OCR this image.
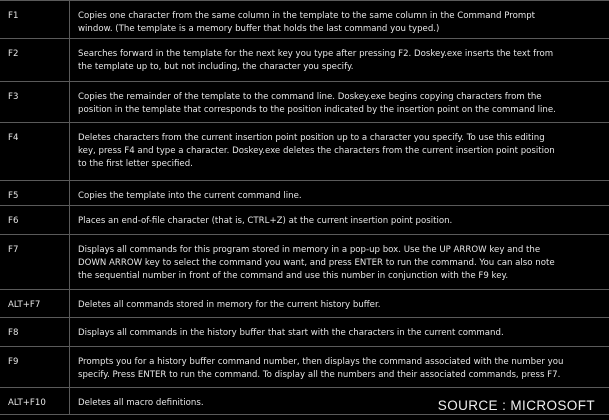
F1	Copies one character from the same column in the template to the same column in the Command Prompt

window. (The template is a memory buffer that holds the last command you typed.)

F2	Searches forward in the template for the next key you type after pressing F2. Doskey.exe inserts the text from

the template up to, but not including, the character you specify.

F3	Copies the remainder of the template to the command line. Doskey.exe begins copying characters from the

position in the template that corresponds to the position indicated by the insertion point on the command line.

F4	Deletes characters from the current insertion point position up to a character you specify. To use this editing

key, press F4 and type a character. Doskey.exe deletes the characters from the current insertion point position

to the first letter specified.

F5	Copies the template into the current command line.

F6	Places an end-of-file character (that is, CTRL+Z) at the current insertion point position.

F7	Displays all commands for this program stored in memory in a pop-up box. Use the UP ARROW key and the

DOWN ARROW key to select the command you want, and press ENTER to run the command. You can also note

the sequential number in front of the command and use this number in conjunction with the F9 key.

ALT+F7	Deletes all commands stored in memory for the current history buffer.

F8	Displays all commands in the history buffer that start with the characters in the current command.

F9	Prompts you for a history buffer command number, then displays the command associated with the number you

specify. Press ENTER to run the command. To display all the numbers and their associated commands, press F7.

ALT+F10	Deletes all macro definitions.	SOURCE : MICROSOFT
